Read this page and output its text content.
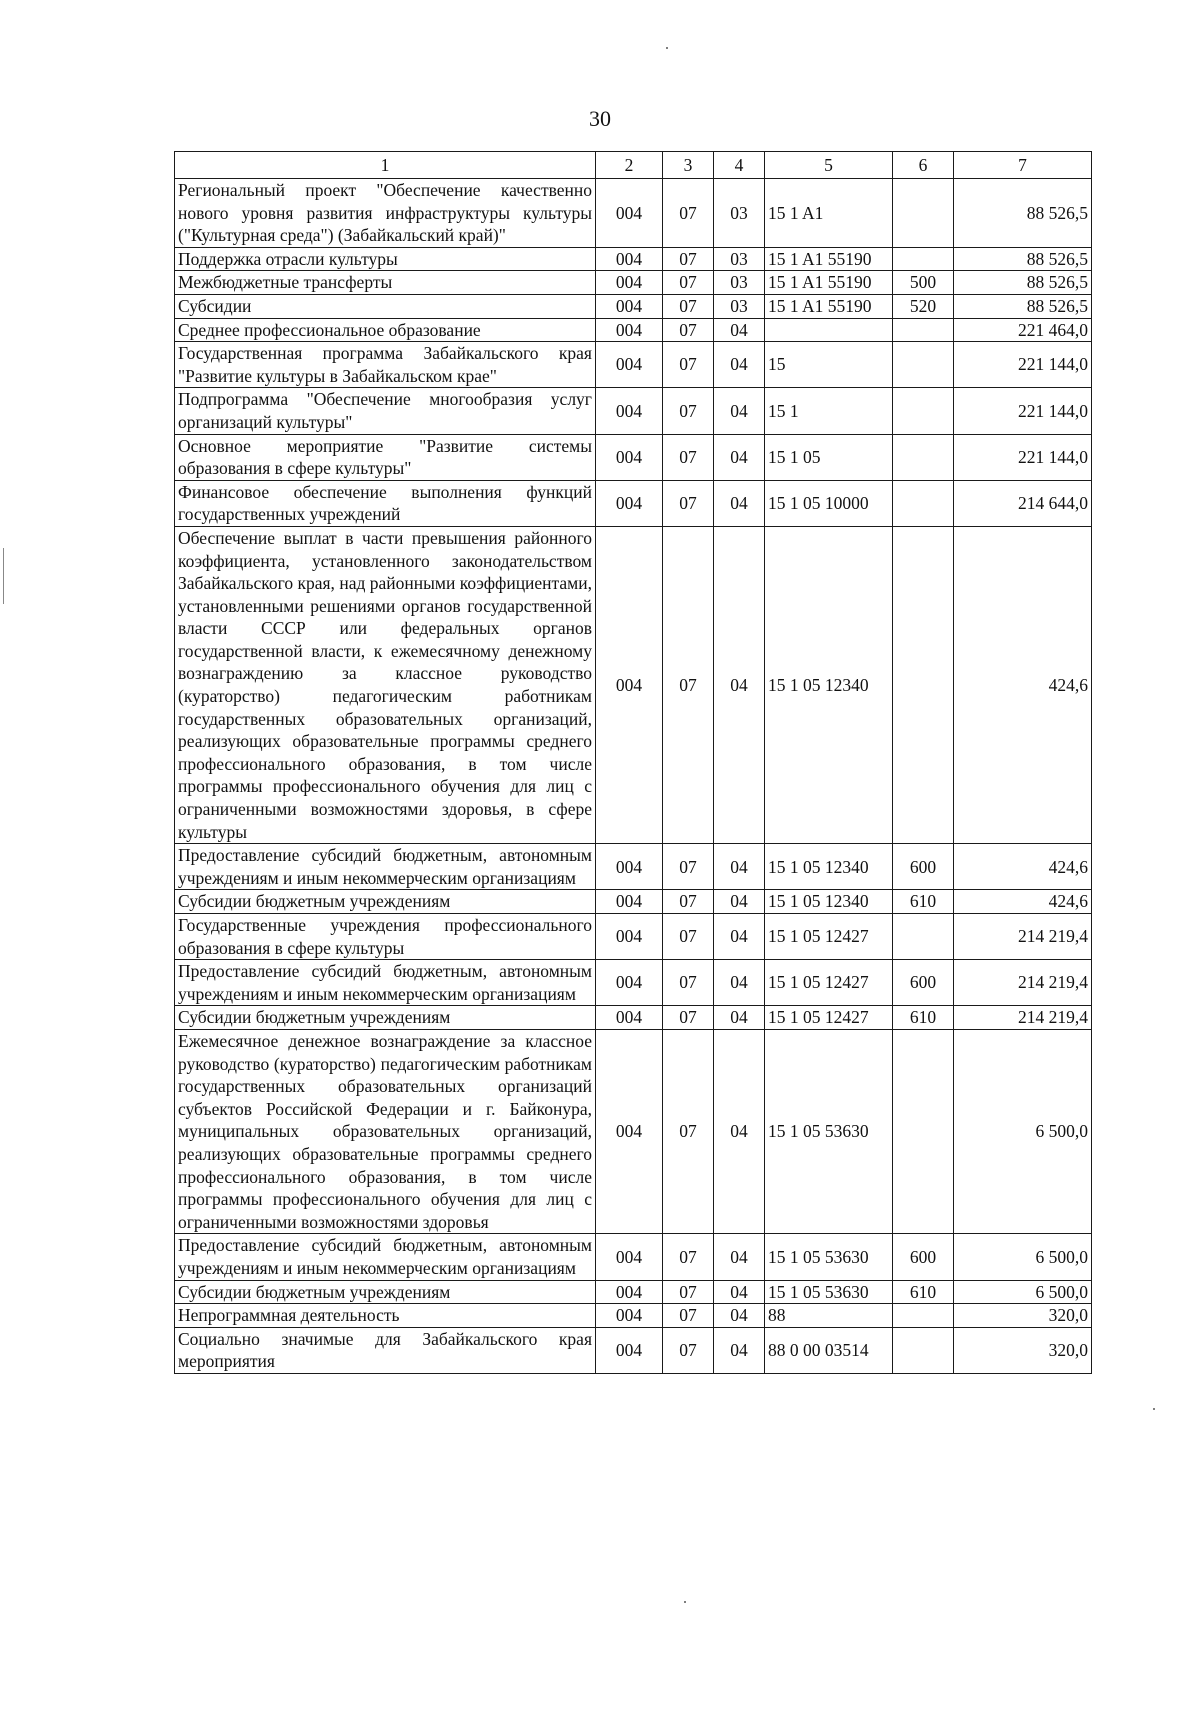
30
1	2	3	4	5	6	7
Региональный проект "Обеспечение качественно нового уровня развития инфраструктуры культуры ("Культурная среда") (Забайкальский край)"	004	07	03	15 1 A1		88 526,5
Поддержка отрасли культуры	004	07	03	15 1 A1 55190		88 526,5
Межбюджетные трансферты	004	07	03	15 1 A1 55190	500	88 526,5
Субсидии	004	07	03	15 1 A1 55190	520	88 526,5
Среднее профессиональное образование	004	07	04			221 464,0
Государственная программа Забайкальского края "Развитие культуры в Забайкальском крае"	004	07	04	15		221 144,0
Подпрограмма "Обеспечение многообразия услуг организаций культуры"	004	07	04	15 1		221 144,0
Основное мероприятие "Развитие системы образования в сфере культуры"	004	07	04	15 1 05		221 144,0
Финансовое обеспечение выполнения функций государственных учреждений	004	07	04	15 1 05 10000		214 644,0
Обеспечение выплат в части превышения районного коэффициента, установленного законодательством Забайкальского края, над районными коэффициентами, установленными решениями органов государственной власти СССР или федеральных органов государственной власти, к ежемесячному денежному вознаграждению за классное руководство (кураторство) педагогическим работникам государственных образовательных организаций, реализующих образовательные программы среднего профессионального образования, в том числе программы профессионального обучения для лиц с ограниченными возможностями здоровья, в сфере культуры	004	07	04	15 1 05 12340		424,6
Предоставление субсидий бюджетным, автономным учреждениям и иным некоммерческим организациям	004	07	04	15 1 05 12340	600	424,6
Субсидии бюджетным учреждениям	004	07	04	15 1 05 12340	610	424,6
Государственные учреждения профессионального образования в сфере культуры	004	07	04	15 1 05 12427		214 219,4
Предоставление субсидий бюджетным, автономным учреждениям и иным некоммерческим организациям	004	07	04	15 1 05 12427	600	214 219,4
Субсидии бюджетным учреждениям	004	07	04	15 1 05 12427	610	214 219,4
Ежемесячное денежное вознаграждение за классное руководство (кураторство) педагогическим работникам государственных образовательных организаций субъектов Российской Федерации и г. Байконура, муниципальных образовательных организаций, реализующих образовательные программы среднего профессионального образования, в том числе программы профессионального обучения для лиц с ограниченными возможностями здоровья	004	07	04	15 1 05 53630		6 500,0
Предоставление субсидий бюджетным, автономным учреждениям и иным некоммерческим организациям	004	07	04	15 1 05 53630	600	6 500,0
Субсидии бюджетным учреждениям	004	07	04	15 1 05 53630	610	6 500,0
Непрограммная деятельность	004	07	04	88		320,0
Социально значимые для Забайкальского края мероприятия	004	07	04	88 0 00 03514		320,0
